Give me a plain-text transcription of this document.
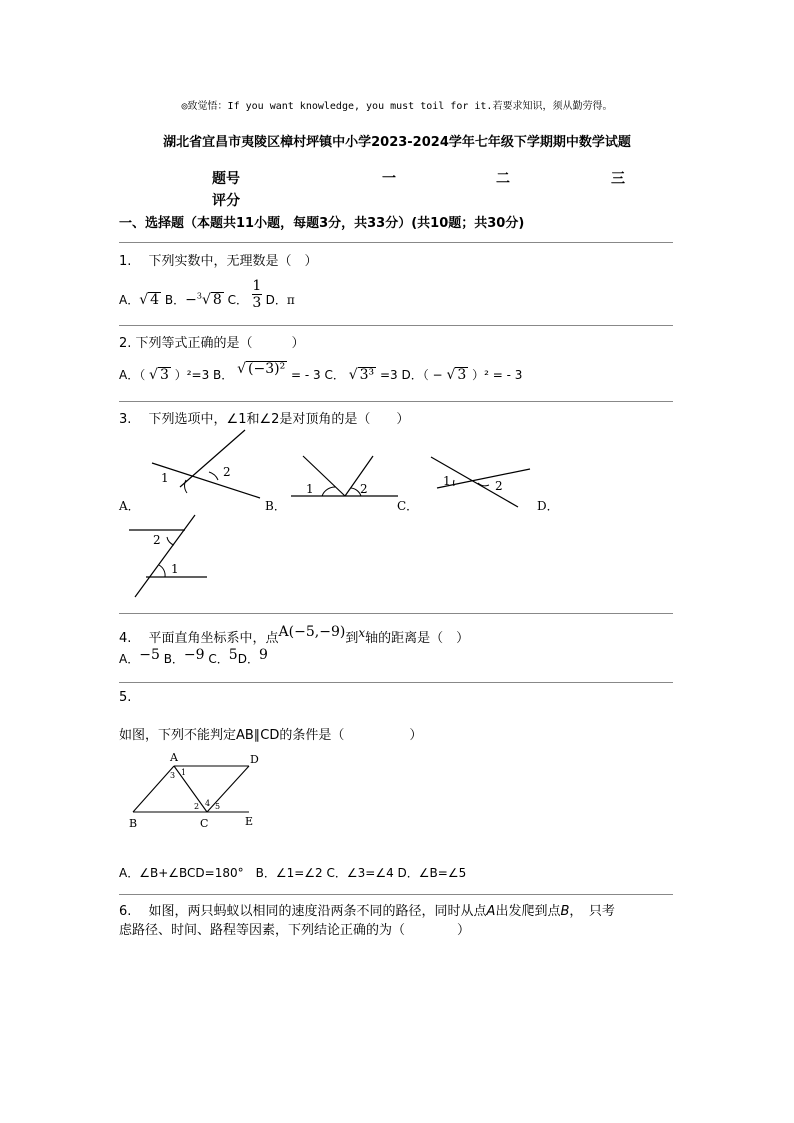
◎致觉悟：If you want knowledge, you must toil for it.若要求知识，须从勤劳得。
湖北省宜昌市夷陵区樟村坪镇中小学2023-2024学年七年级下学期期中数学试题
题号	一	二	三
评分
一、选择题（本题共11小题，每题3分，共33分）(共10题；共30分)
1.　 下列实数中，无理数是（　）
A．√ 4 B．−$^3$√ 8 C． $\frac{1}{3}$ D．π
2. 下列等式正确的是（　　　）
A．（ √ 3 ）²=3 B． √ (−3)² = - 3 C． √ 3³ =3 D．（ − √ 3 ）² = - 3
3.　 下列选项中，∠1和∠2是对顶角的是（　　）
1	2
A．
1	2
B．
1	2
C．	D．
2
1
4.　 平面直角坐标系中，点A(−5,−9)到x轴的距离是（　）
A．−5 B．−9 C．5D．9
5.
如图，下列不能判定AB∥CD的条件是（　　　　　）
A	D
B	C	E
1
3
2 4 5
A．∠B+∠BCD=180°　B．∠1=∠2 C．∠3=∠4 D．∠B=∠5
6.　 如图，两只蚂蚁以相同的速度沿两条不同的路径，同时从点A出发爬到点B，　只考
虑路径、时间、路程等因素，下列结论正确的为（　　　　）
